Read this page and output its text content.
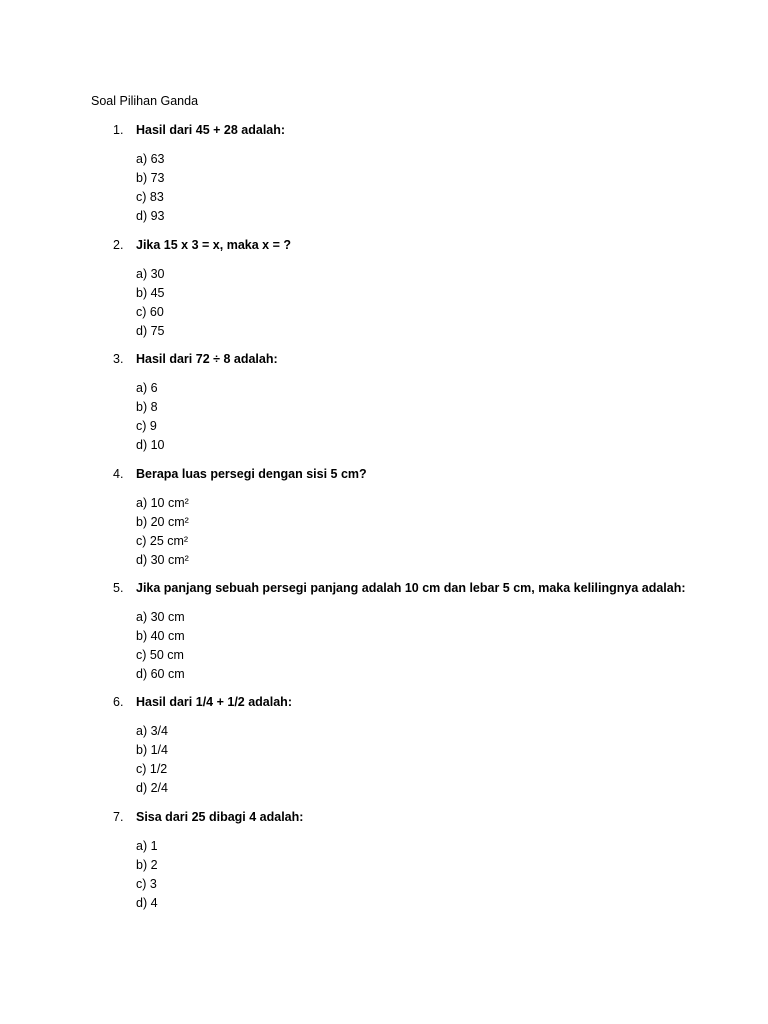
Soal Pilihan Ganda
1. Hasil dari 45 + 28 adalah:
a) 63
b) 73
c) 83
d) 93
2. Jika 15 x 3 = x, maka x = ?
a) 30
b) 45
c) 60
d) 75
3. Hasil dari 72 ÷ 8 adalah:
a) 6
b) 8
c) 9
d) 10
4. Berapa luas persegi dengan sisi 5 cm?
a) 10 cm²
b) 20 cm²
c) 25 cm²
d) 30 cm²
5. Jika panjang sebuah persegi panjang adalah 10 cm dan lebar 5 cm, maka kelilingnya adalah:
a) 30 cm
b) 40 cm
c) 50 cm
d) 60 cm
6. Hasil dari 1/4 + 1/2 adalah:
a) 3/4
b) 1/4
c) 1/2
d) 2/4
7. Sisa dari 25 dibagi 4 adalah:
a) 1
b) 2
c) 3
d) 4
